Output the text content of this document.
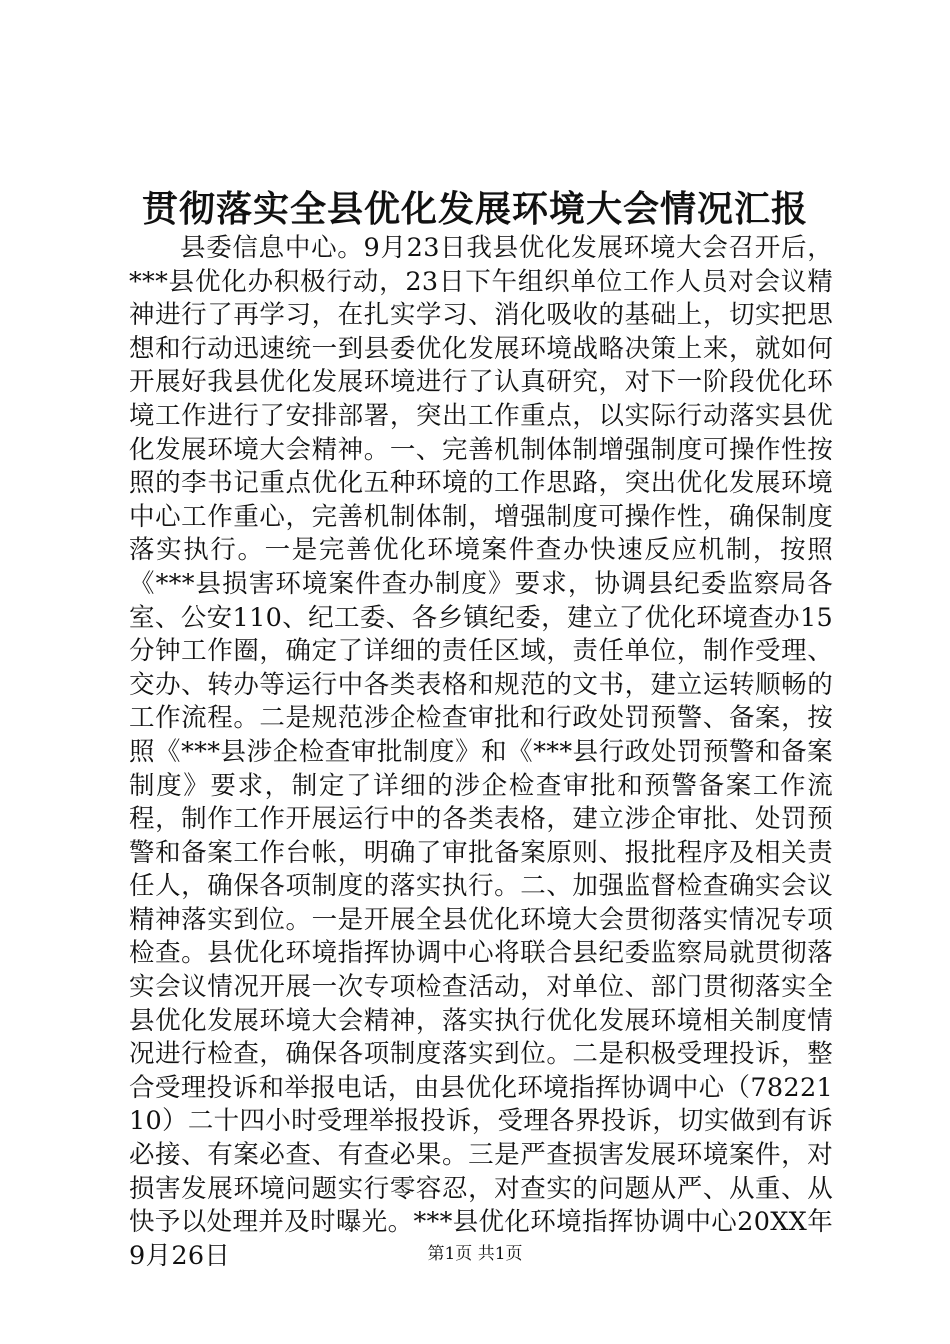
贯彻落实全县优化发展环境大会情况汇报

县委信息中心。9月23日我县优化发展环境大会召开后，***县优化办积极行动，23日下午组织单位工作人员对会议精神进行了再学习，在扎实学习、消化吸收的基础上，切实把思想和行动迅速统一到县委优化发展环境战略决策上来，就如何开展好我县优化发展环境进行了认真研究，对下一阶段优化环境工作进行了安排部署，突出工作重点，以实际行动落实县优化发展环境大会精神。一、完善机制体制增强制度可操作性按照的李书记重点优化五种环境的工作思路，突出优化发展环境中心工作重心，完善机制体制，增强制度可操作性，确保制度落实执行。一是完善优化环境案件查办快速反应机制，按照《***县损害环境案件查办制度》要求，协调县纪委监察局各室、公安110、纪工委、各乡镇纪委，建立了优化环境查办15分钟工作圈，确定了详细的责任区域，责任单位，制作受理、交办、转办等运行中各类表格和规范的文书，建立运转顺畅的工作流程。二是规范涉企检查审批和行政处罚预警、备案，按照《***县涉企检查审批制度》和《***县行政处罚预警和备案制度》要求，制定了详细的涉企检查审批和预警备案工作流程，制作工作开展运行中的各类表格，建立涉企审批、处罚预警和备案工作台帐，明确了审批备案原则、报批程序及相关责任人，确保各项制度的落实执行。二、加强监督检查确实会议精神落实到位。一是开展全县优化环境大会贯彻落实情况专项检查。县优化环境指挥协调中心将联合县纪委监察局就贯彻落实会议情况开展一次专项检查活动，对单位、部门贯彻落实全县优化发展环境大会精神，落实执行优化发展环境相关制度情况进行检查，确保各项制度落实到位。二是积极受理投诉，整合受理投诉和举报电话，由县优化环境指挥协调中心（7822110）二十四小时受理举报投诉，受理各界投诉，切实做到有诉必接、有案必查、有查必果。三是严查损害发展环境案件，对损害发展环境问题实行零容忍，对查实的问题从严、从重、从快予以处理并及时曝光。***县优化环境指挥协调中心20XX年9月26日	第1页 共1页
